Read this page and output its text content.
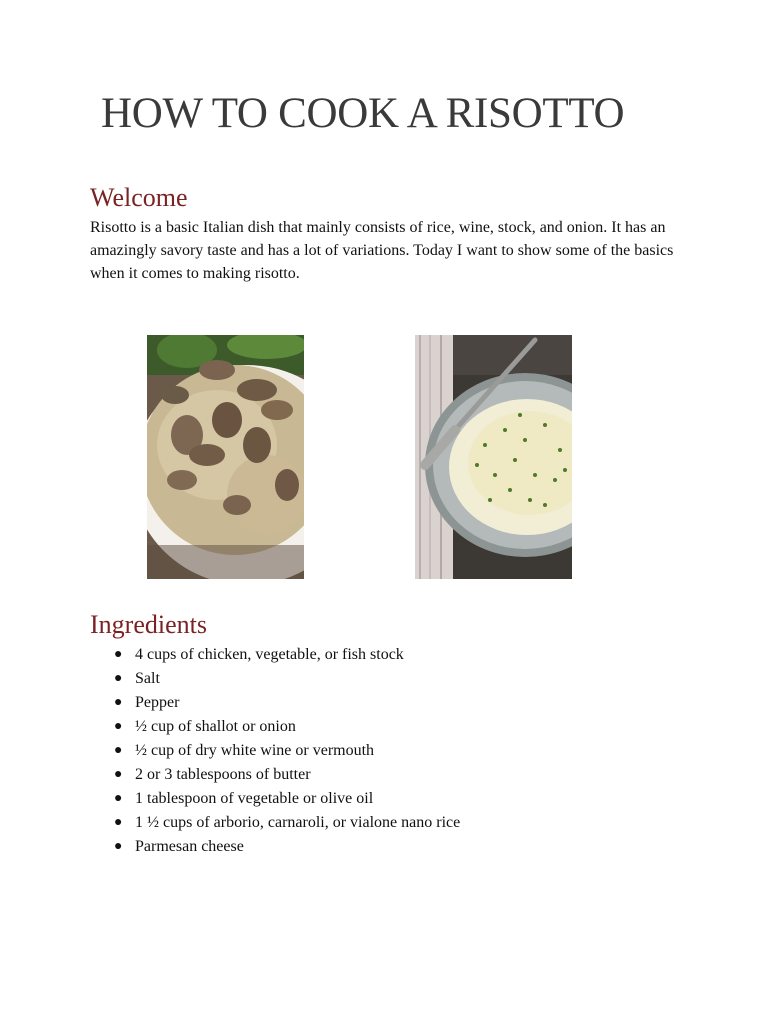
HOW TO COOK A RISOTTO
Welcome

Risotto is a basic Italian dish that mainly consists of rice, wine, stock, and onion. It has an amazingly savory taste and has a lot of variations. Today I want to show some of the basics when it comes to making risotto.

Ingredients
● 4 cups of chicken, vegetable, or fish stock
● Salt
● Pepper
● ½ cup of shallot or onion
● ½ cup of dry white wine or vermouth
● 2 or 3 tablespoons of butter
● 1 tablespoon of vegetable or olive oil
● 1 ½ cups of arborio, carnaroli, or vialone nano rice
● Parmesan cheese
